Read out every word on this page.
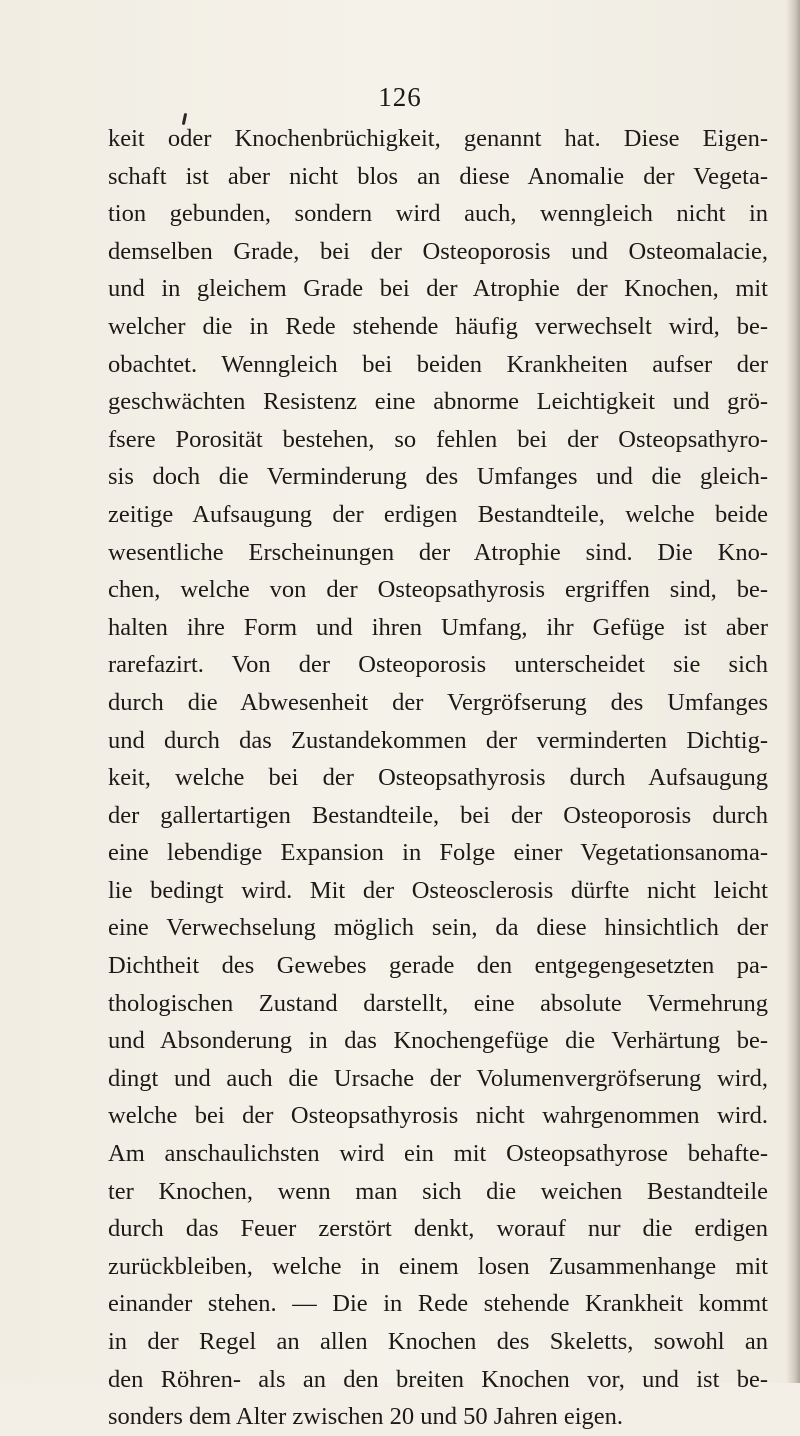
126

keit oder Knochenbrüchigkeit, genannt hat. Diese Eigen-
schaft ist aber nicht blos an diese Anomalie der Vegeta-
tion gebunden, sondern wird auch, wenngleich nicht in
demselben Grade, bei der Osteoporosis und Osteomalacie,
und in gleichem Grade bei der Atrophie der Knochen, mit
welcher die in Rede stehende häufig verwechselt wird, be-
obachtet. Wenngleich bei beiden Krankheiten aufser der
geschwächten Resistenz eine abnorme Leichtigkeit und grö-
fsere Porosität bestehen, so fehlen bei der Osteopsathyro-
sis doch die Verminderung des Umfanges und die gleich-
zeitige Aufsaugung der erdigen Bestandteile, welche beide
wesentliche Erscheinungen der Atrophie sind. Die Kno-
chen, welche von der Osteopsathyrosis ergriffen sind, be-
halten ihre Form und ihren Umfang, ihr Gefüge ist aber
rarefazirt. Von der Osteoporosis unterscheidet sie sich
durch die Abwesenheit der Vergröfserung des Umfanges
und durch das Zustandekommen der verminderten Dichtig-
keit, welche bei der Osteopsathyrosis durch Aufsaugung
der gallertartigen Bestandteile, bei der Osteoporosis durch
eine lebendige Expansion in Folge einer Vegetationsanoma-
lie bedingt wird. Mit der Osteosclerosis dürfte nicht leicht
eine Verwechselung möglich sein, da diese hinsichtlich der
Dichtheit des Gewebes gerade den entgegengesetzten pa-
thologischen Zustand darstellt, eine absolute Vermehrung
und Absonderung in das Knochengefüge die Verhärtung be-
dingt und auch die Ursache der Volumenvergröfserung wird,
welche bei der Osteopsathyrosis nicht wahrgenommen wird.
Am anschaulichsten wird ein mit Osteopsathyrose behafte-
ter Knochen, wenn man sich die weichen Bestandteile
durch das Feuer zerstört denkt, worauf nur die erdigen
zurückbleiben, welche in einem losen Zusammenhange mit
einander stehen. — Die in Rede stehende Krankheit kommt
in der Regel an allen Knochen des Skeletts, sowohl an
den Röhren- als an den breiten Knochen vor, und ist be-
sonders dem Alter zwischen 20 und 50 Jahren eigen.
